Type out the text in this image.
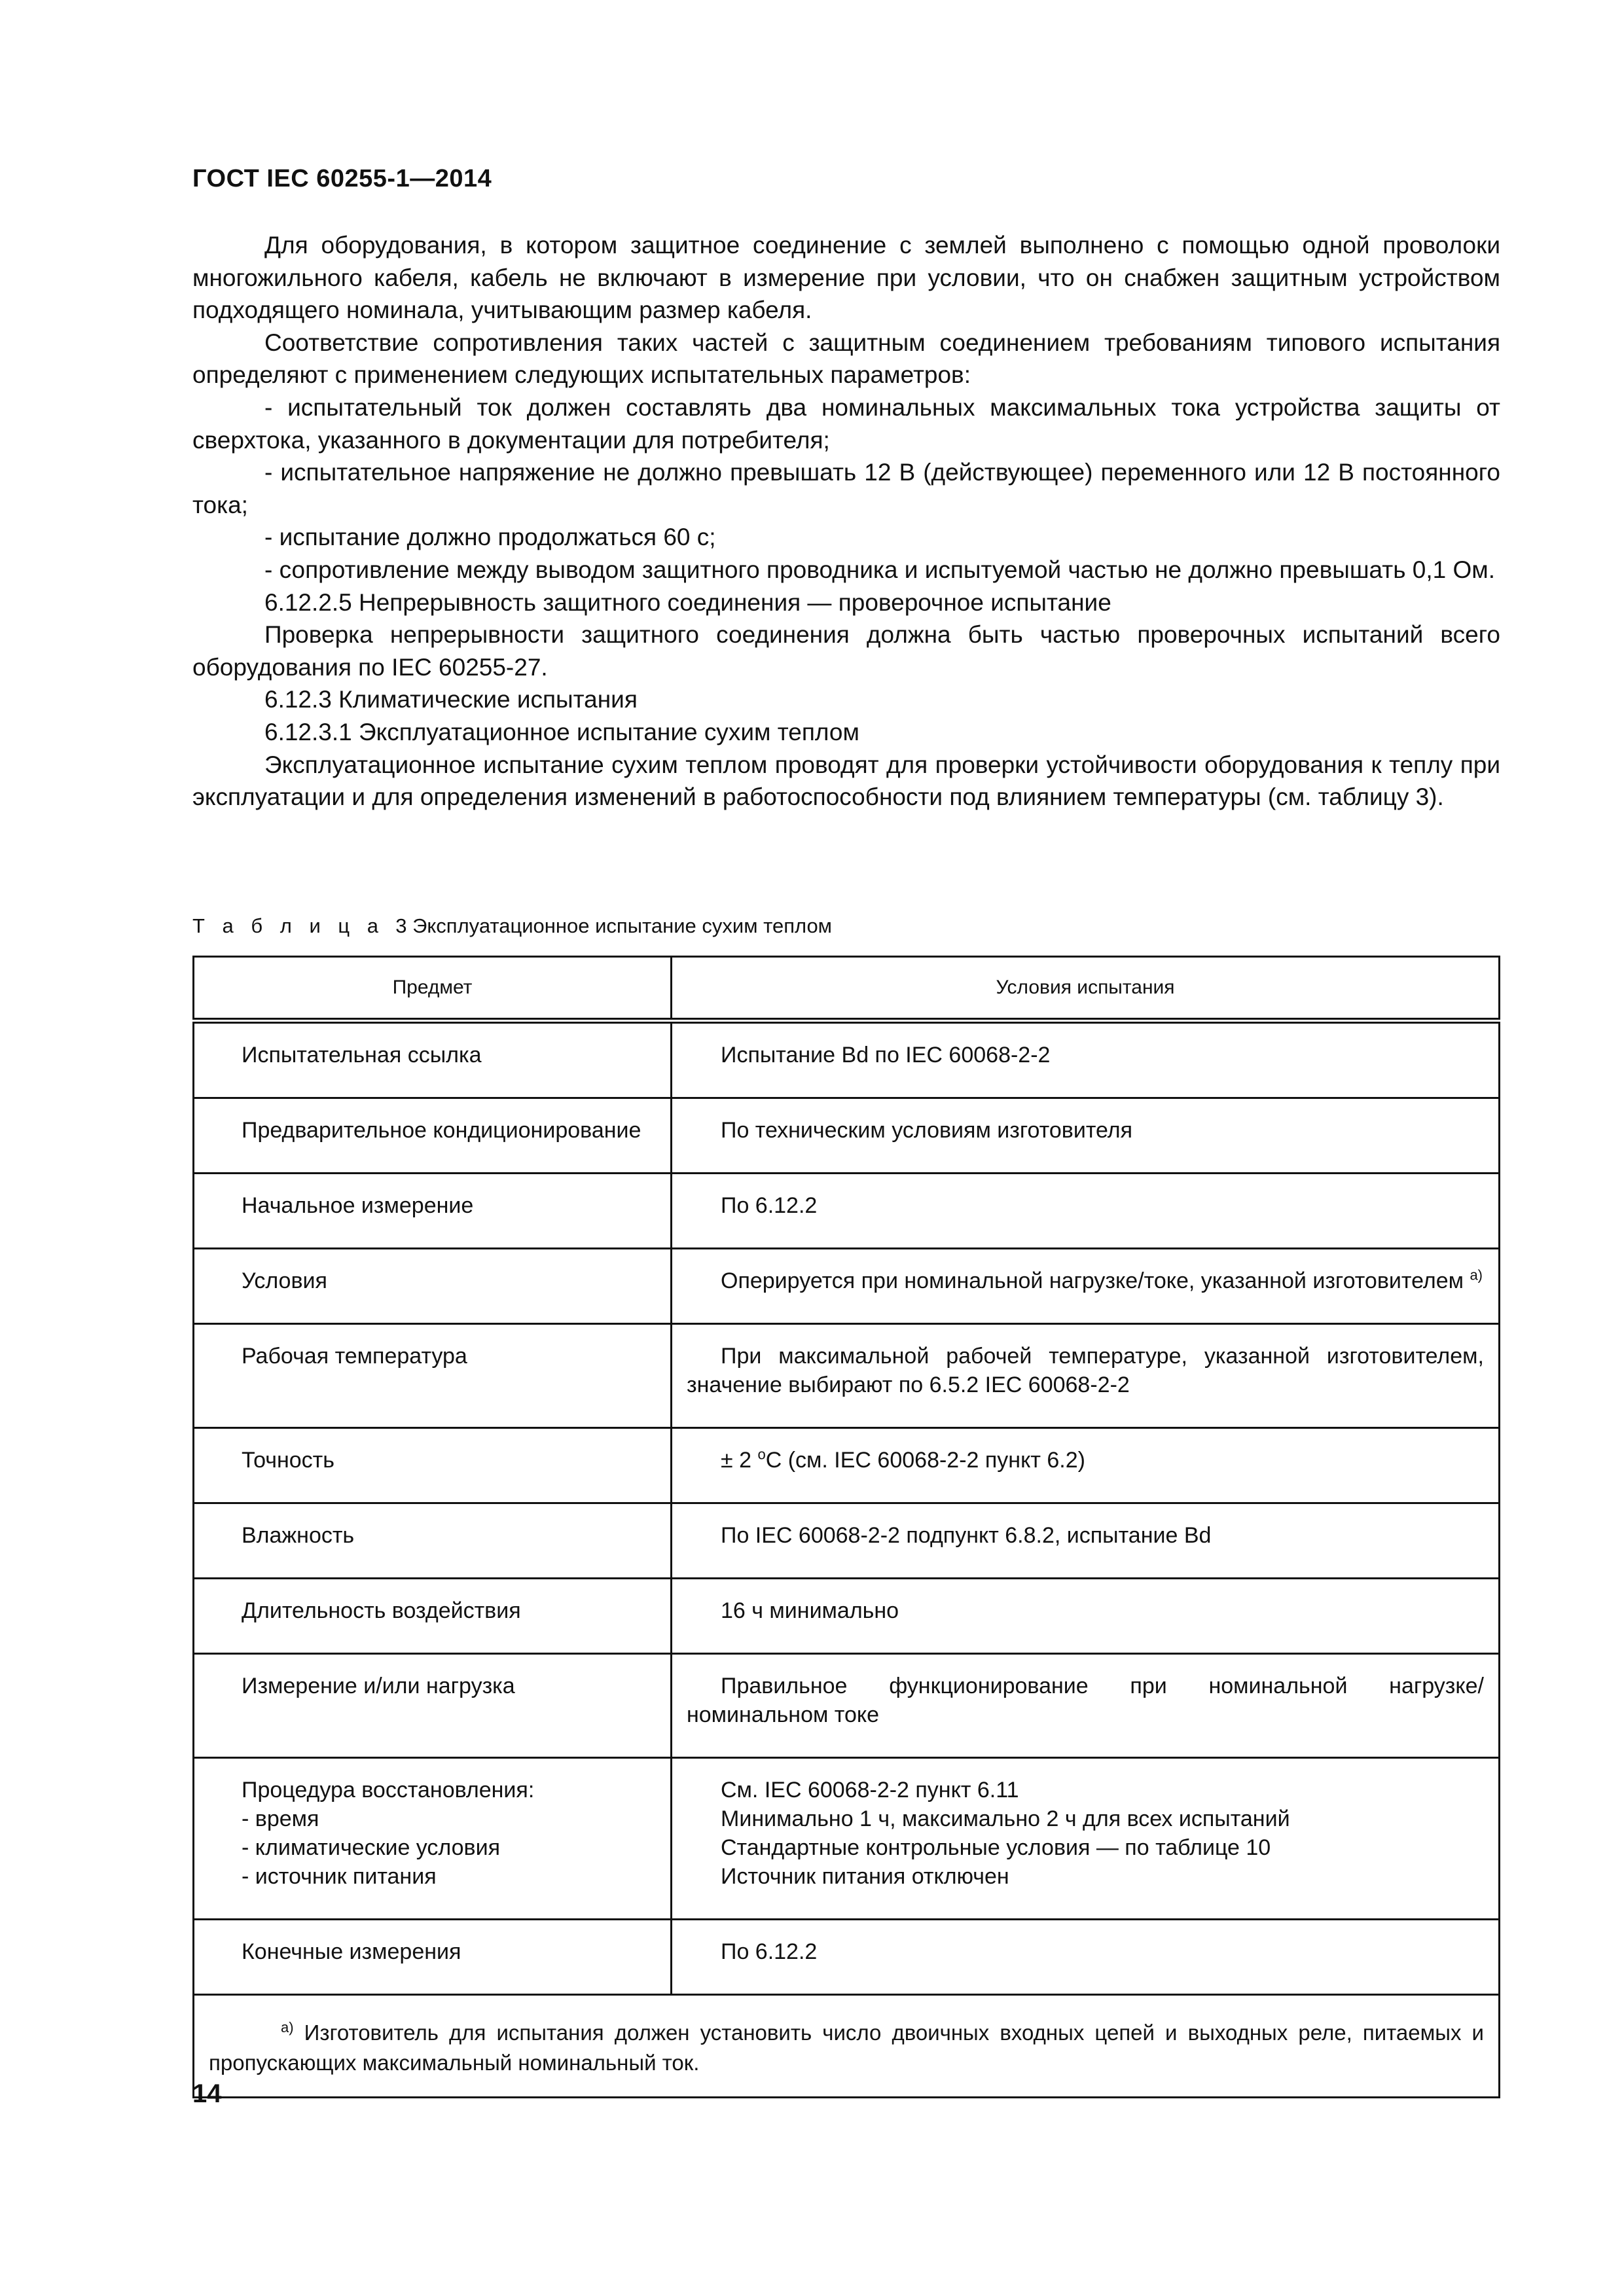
ГОСТ IEC 60255-1—2014

Для оборудования, в котором защитное соединение с землей выполнено с помощью одной проволоки многожильного кабеля, кабель не включают в измерение при условии, что он снабжен защитным устройством подходящего номинала, учитывающим размер кабеля.

Соответствие сопротивления таких частей с защитным соединением требованиям типового испытания определяют с применением следующих испытательных параметров:

- испытательный ток должен составлять два номинальных максимальных тока устройства защиты от сверхтока, указанного в документации для потребителя;

- испытательное напряжение не должно превышать 12 В (действующее) переменного или 12 В постоянного тока;

- испытание должно продолжаться 60 с;

- сопротивление между выводом защитного проводника и испытуемой частью не должно превышать 0,1 Ом.

6.12.2.5 Непрерывность защитного соединения — проверочное испытание

Проверка непрерывности защитного соединения должна быть частью проверочных испытаний всего оборудования по IEC 60255-27.

6.12.3 Климатические испытания

6.12.3.1 Эксплуатационное испытание сухим теплом

Эксплуатационное испытание сухим теплом проводят для проверки устойчивости оборудования к теплу при эксплуатации и для определения изменений в работоспособности под влиянием температуры (см. таблицу 3).

Т а б л и ц а 3 Эксплуатационное испытание сухим теплом
Предмет	Условия испытания
Испытательная ссылка	Испытание Bd по IEC 60068-2-2

Предварительное кондиционирование	По техническим условиям изготовителя
Начальное измерение	По 6.12.2
Условия	Оперируется при номинальной нагрузке/токе, указанной изготовителем $^{а)}$

Рабочая температура	При максимальной рабочей температуре, указанной изготовителем, значение выбирают по 6.5.2 IEC 60068-2-2

Точность	± 2 $^o$С (см. IEC 60068-2-2 пункт 6.2)
Влажность	По IEC 60068-2-2 подпункт 6.8.2, испытание Bd
Длительность воздействия	16 ч минимально
Измерение и/или нагрузка	Правильное функционирование при номинальной нагрузке/ номинальном токе

Процедура восстановления:
- время
- климатические условия
- источник питания	См. IEC 60068-2-2 пункт 6.11
Минимально 1 ч, максимально 2 ч для всех испытаний
Стандартные контрольные условия — по таблице 10
Источник питания отключен

Конечные измерения	По 6.12.2

$^{а)}$ Изготовитель для испытания должен установить число двоичных входных цепей и выходных реле, питаемых и пропускающих максимальный номинальный ток.	

14
